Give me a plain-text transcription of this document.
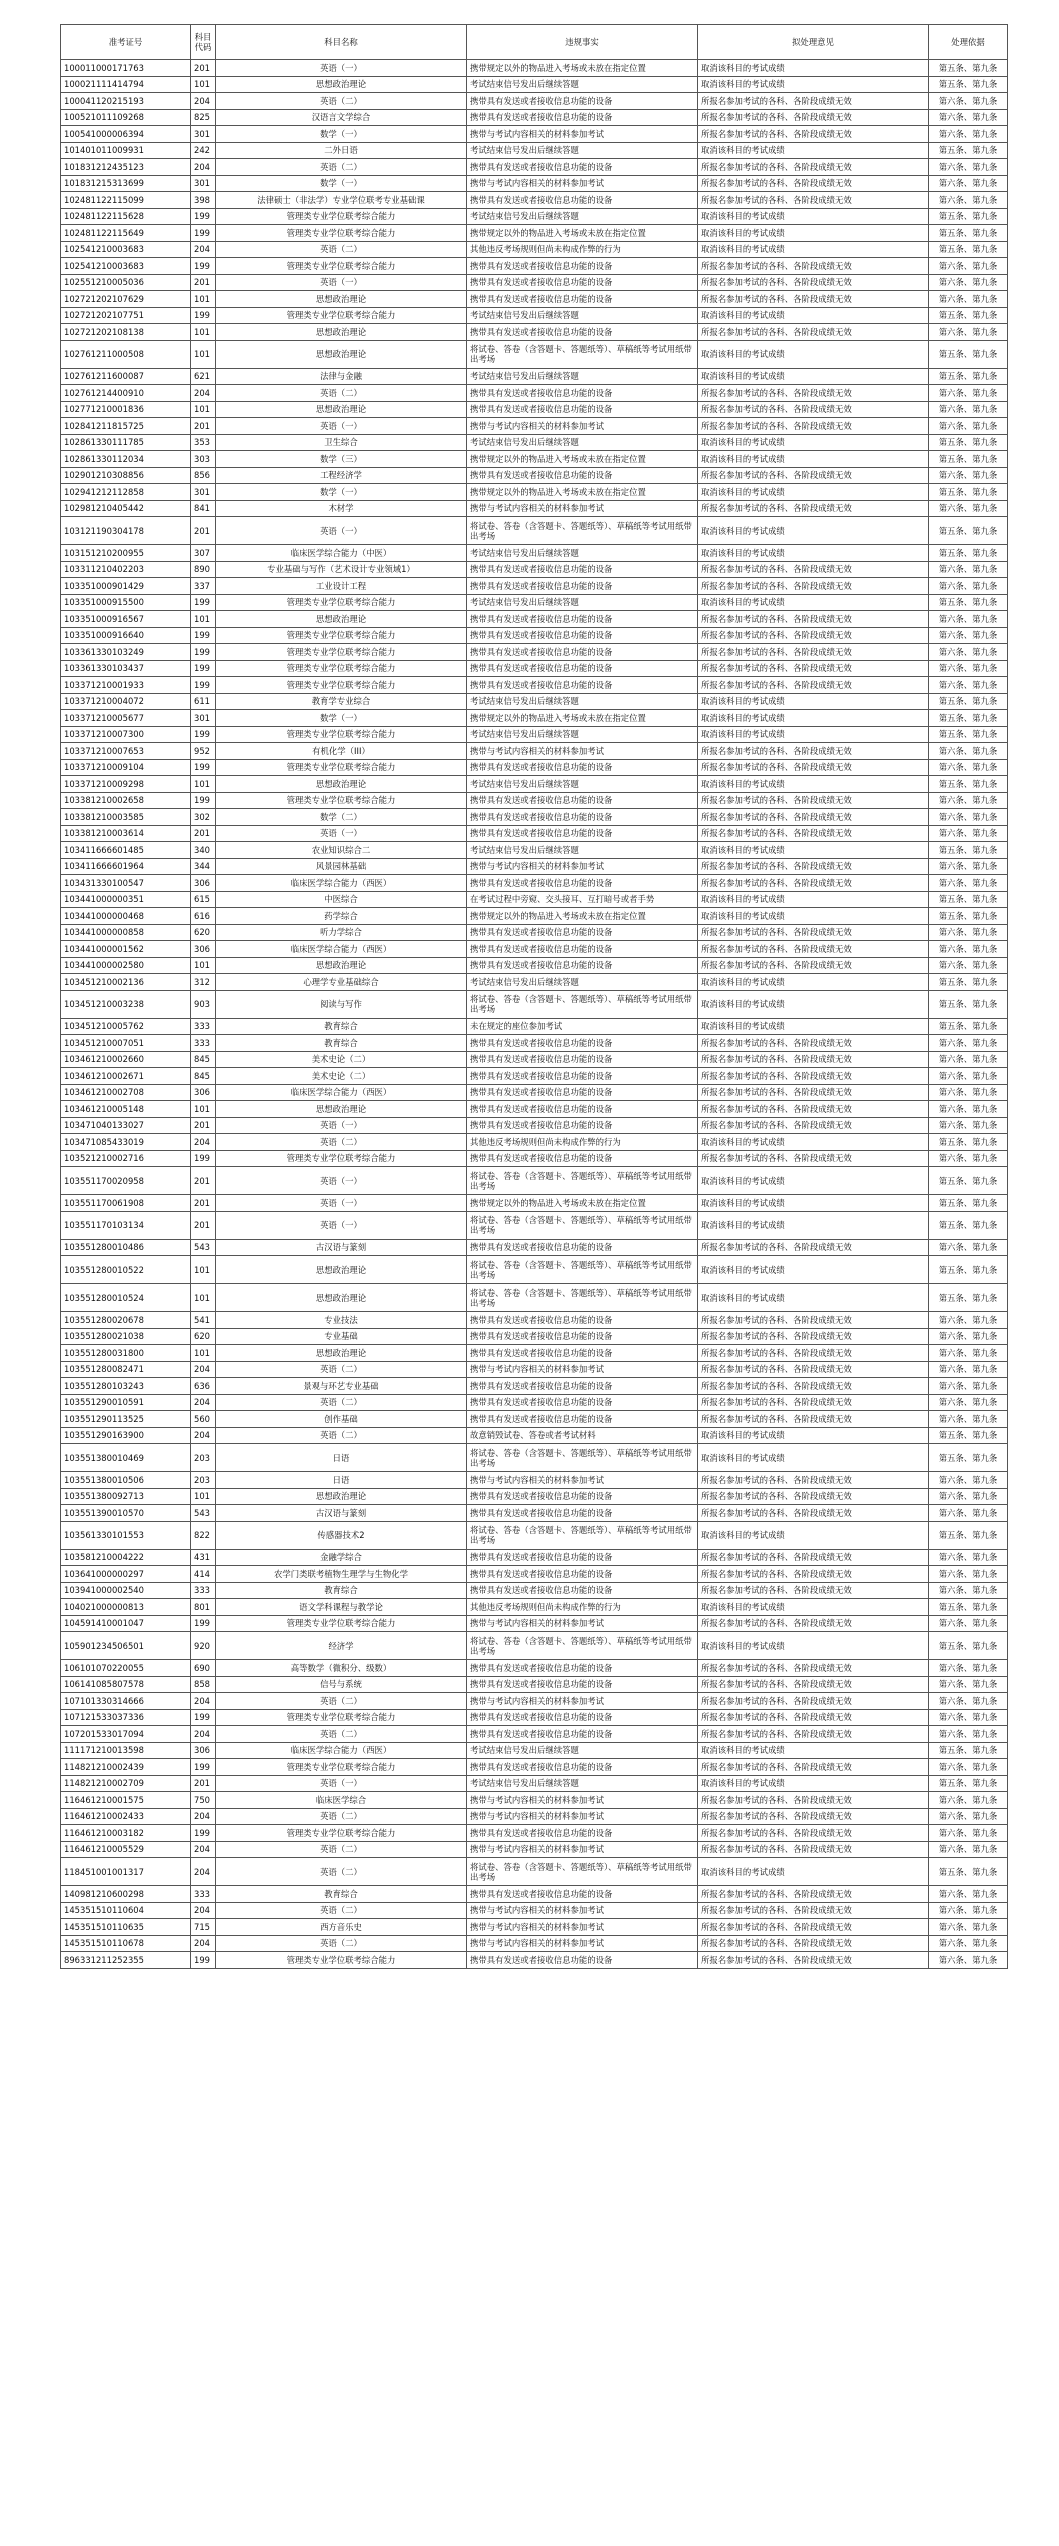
准考证号	科目代码	科目名称	违规事实	拟处理意见	处理依据
100011000171763	201	英语（一）	携带规定以外的物品进入考场或未放在指定位置	取消该科目的考试成绩	第五条、第九条
100021111414794	101	思想政治理论	考试结束信号发出后继续答题	取消该科目的考试成绩	第五条、第九条
100041120215193	204	英语（二）	携带具有发送或者接收信息功能的设备	所报名参加考试的各科、各阶段成绩无效	第六条、第九条
100521011109268	825	汉语言文学综合	携带具有发送或者接收信息功能的设备	所报名参加考试的各科、各阶段成绩无效	第六条、第九条
100541000006394	301	数学（一）	携带与考试内容相关的材料参加考试	所报名参加考试的各科、各阶段成绩无效	第六条、第九条
101401011009931	242	二外日语	考试结束信号发出后继续答题	取消该科目的考试成绩	第五条、第九条
101831212435123	204	英语（二）	携带具有发送或者接收信息功能的设备	所报名参加考试的各科、各阶段成绩无效	第六条、第九条
101831215313699	301	数学（一）	携带与考试内容相关的材料参加考试	所报名参加考试的各科、各阶段成绩无效	第六条、第九条
102481122115099	398	法律硕士（非法学）专业学位联考专业基础课	携带具有发送或者接收信息功能的设备	所报名参加考试的各科、各阶段成绩无效	第六条、第九条
102481122115628	199	管理类专业学位联考综合能力	考试结束信号发出后继续答题	取消该科目的考试成绩	第五条、第九条
102481122115649	199	管理类专业学位联考综合能力	携带规定以外的物品进入考场或未放在指定位置	取消该科目的考试成绩	第五条、第九条
102541210003683	204	英语（二）	其他违反考场规则但尚未构成作弊的行为	取消该科目的考试成绩	第五条、第九条
102541210003683	199	管理类专业学位联考综合能力	携带具有发送或者接收信息功能的设备	所报名参加考试的各科、各阶段成绩无效	第六条、第九条
102551210005036	201	英语（一）	携带具有发送或者接收信息功能的设备	所报名参加考试的各科、各阶段成绩无效	第六条、第九条
102721202107629	101	思想政治理论	携带具有发送或者接收信息功能的设备	所报名参加考试的各科、各阶段成绩无效	第六条、第九条
102721202107751	199	管理类专业学位联考综合能力	考试结束信号发出后继续答题	取消该科目的考试成绩	第五条、第九条
102721202108138	101	思想政治理论	携带具有发送或者接收信息功能的设备	所报名参加考试的各科、各阶段成绩无效	第六条、第九条
102761211000508	101	思想政治理论	将试卷、答卷（含答题卡、答题纸等）、草稿纸等考试用纸带出考场	取消该科目的考试成绩	第五条、第九条
102761211600087	621	法律与金融	考试结束信号发出后继续答题	取消该科目的考试成绩	第五条、第九条
102761214400910	204	英语（二）	携带具有发送或者接收信息功能的设备	所报名参加考试的各科、各阶段成绩无效	第六条、第九条
102771210001836	101	思想政治理论	携带具有发送或者接收信息功能的设备	所报名参加考试的各科、各阶段成绩无效	第六条、第九条
102841211815725	201	英语（一）	携带与考试内容相关的材料参加考试	所报名参加考试的各科、各阶段成绩无效	第六条、第九条
102861330111785	353	卫生综合	考试结束信号发出后继续答题	取消该科目的考试成绩	第五条、第九条
102861330112034	303	数学（三）	携带规定以外的物品进入考场或未放在指定位置	取消该科目的考试成绩	第五条、第九条
102901210308856	856	工程经济学	携带具有发送或者接收信息功能的设备	所报名参加考试的各科、各阶段成绩无效	第六条、第九条
102941212112858	301	数学（一）	携带规定以外的物品进入考场或未放在指定位置	取消该科目的考试成绩	第五条、第九条
102981210405442	841	木材学	携带与考试内容相关的材料参加考试	所报名参加考试的各科、各阶段成绩无效	第六条、第九条
103121190304178	201	英语（一）	将试卷、答卷（含答题卡、答题纸等）、草稿纸等考试用纸带出考场	取消该科目的考试成绩	第五条、第九条
103151210200955	307	临床医学综合能力（中医）	考试结束信号发出后继续答题	取消该科目的考试成绩	第五条、第九条
103311210402203	890	专业基础与写作（艺术设计专业领域1）	携带具有发送或者接收信息功能的设备	所报名参加考试的各科、各阶段成绩无效	第六条、第九条
103351000901429	337	工业设计工程	携带具有发送或者接收信息功能的设备	所报名参加考试的各科、各阶段成绩无效	第六条、第九条
103351000915500	199	管理类专业学位联考综合能力	考试结束信号发出后继续答题	取消该科目的考试成绩	第五条、第九条
103351000916567	101	思想政治理论	携带具有发送或者接收信息功能的设备	所报名参加考试的各科、各阶段成绩无效	第六条、第九条
103351000916640	199	管理类专业学位联考综合能力	携带具有发送或者接收信息功能的设备	所报名参加考试的各科、各阶段成绩无效	第六条、第九条
103361330103249	199	管理类专业学位联考综合能力	携带具有发送或者接收信息功能的设备	所报名参加考试的各科、各阶段成绩无效	第六条、第九条
103361330103437	199	管理类专业学位联考综合能力	携带具有发送或者接收信息功能的设备	所报名参加考试的各科、各阶段成绩无效	第六条、第九条
103371210001933	199	管理类专业学位联考综合能力	携带具有发送或者接收信息功能的设备	所报名参加考试的各科、各阶段成绩无效	第六条、第九条
103371210004072	611	教育学专业综合	考试结束信号发出后继续答题	取消该科目的考试成绩	第五条、第九条
103371210005677	301	数学（一）	携带规定以外的物品进入考场或未放在指定位置	取消该科目的考试成绩	第五条、第九条
103371210007300	199	管理类专业学位联考综合能力	考试结束信号发出后继续答题	取消该科目的考试成绩	第五条、第九条
103371210007653	952	有机化学（III）	携带与考试内容相关的材料参加考试	所报名参加考试的各科、各阶段成绩无效	第六条、第九条
103371210009104	199	管理类专业学位联考综合能力	携带具有发送或者接收信息功能的设备	所报名参加考试的各科、各阶段成绩无效	第六条、第九条
103371210009298	101	思想政治理论	考试结束信号发出后继续答题	取消该科目的考试成绩	第五条、第九条
103381210002658	199	管理类专业学位联考综合能力	携带具有发送或者接收信息功能的设备	所报名参加考试的各科、各阶段成绩无效	第六条、第九条
103381210003585	302	数学（二）	携带具有发送或者接收信息功能的设备	所报名参加考试的各科、各阶段成绩无效	第六条、第九条
103381210003614	201	英语（一）	携带具有发送或者接收信息功能的设备	所报名参加考试的各科、各阶段成绩无效	第六条、第九条
103411666601485	340	农业知识综合二	考试结束信号发出后继续答题	取消该科目的考试成绩	第五条、第九条
103411666601964	344	风景园林基础	携带与考试内容相关的材料参加考试	所报名参加考试的各科、各阶段成绩无效	第六条、第九条
103431330100547	306	临床医学综合能力（西医）	携带具有发送或者接收信息功能的设备	所报名参加考试的各科、各阶段成绩无效	第六条、第九条
103441000000351	615	中医综合	在考试过程中旁窥、交头接耳、互打暗号或者手势	取消该科目的考试成绩	第五条、第九条
103441000000468	616	药学综合	携带规定以外的物品进入考场或未放在指定位置	取消该科目的考试成绩	第五条、第九条
103441000000858	620	听力学综合	携带具有发送或者接收信息功能的设备	所报名参加考试的各科、各阶段成绩无效	第六条、第九条
103441000001562	306	临床医学综合能力（西医）	携带具有发送或者接收信息功能的设备	所报名参加考试的各科、各阶段成绩无效	第六条、第九条
103441000002580	101	思想政治理论	携带具有发送或者接收信息功能的设备	所报名参加考试的各科、各阶段成绩无效	第六条、第九条
103451210002136	312	心理学专业基础综合	考试结束信号发出后继续答题	取消该科目的考试成绩	第五条、第九条
103451210003238	903	阅读与写作	将试卷、答卷（含答题卡、答题纸等）、草稿纸等考试用纸带出考场	取消该科目的考试成绩	第五条、第九条
103451210005762	333	教育综合	未在规定的座位参加考试	取消该科目的考试成绩	第五条、第九条
103451210007051	333	教育综合	携带具有发送或者接收信息功能的设备	所报名参加考试的各科、各阶段成绩无效	第六条、第九条
103461210002660	845	美术史论（二）	携带具有发送或者接收信息功能的设备	所报名参加考试的各科、各阶段成绩无效	第六条、第九条
103461210002671	845	美术史论（二）	携带具有发送或者接收信息功能的设备	所报名参加考试的各科、各阶段成绩无效	第六条、第九条
103461210002708	306	临床医学综合能力（西医）	携带具有发送或者接收信息功能的设备	所报名参加考试的各科、各阶段成绩无效	第六条、第九条
103461210005148	101	思想政治理论	携带具有发送或者接收信息功能的设备	所报名参加考试的各科、各阶段成绩无效	第六条、第九条
103471040133027	201	英语（一）	携带具有发送或者接收信息功能的设备	所报名参加考试的各科、各阶段成绩无效	第六条、第九条
103471085433019	204	英语（二）	其他违反考场规则但尚未构成作弊的行为	取消该科目的考试成绩	第五条、第九条
103521210002716	199	管理类专业学位联考综合能力	携带具有发送或者接收信息功能的设备	所报名参加考试的各科、各阶段成绩无效	第六条、第九条
103551170020958	201	英语（一）	将试卷、答卷（含答题卡、答题纸等）、草稿纸等考试用纸带出考场	取消该科目的考试成绩	第五条、第九条
103551170061908	201	英语（一）	携带规定以外的物品进入考场或未放在指定位置	取消该科目的考试成绩	第五条、第九条
103551170103134	201	英语（一）	将试卷、答卷（含答题卡、答题纸等）、草稿纸等考试用纸带出考场	取消该科目的考试成绩	第五条、第九条
103551280010486	543	古汉语与篆刻	携带具有发送或者接收信息功能的设备	所报名参加考试的各科、各阶段成绩无效	第六条、第九条
103551280010522	101	思想政治理论	将试卷、答卷（含答题卡、答题纸等）、草稿纸等考试用纸带出考场	取消该科目的考试成绩	第五条、第九条
103551280010524	101	思想政治理论	将试卷、答卷（含答题卡、答题纸等）、草稿纸等考试用纸带出考场	取消该科目的考试成绩	第五条、第九条
103551280020678	541	专业技法	携带具有发送或者接收信息功能的设备	所报名参加考试的各科、各阶段成绩无效	第六条、第九条
103551280021038	620	专业基础	携带具有发送或者接收信息功能的设备	所报名参加考试的各科、各阶段成绩无效	第六条、第九条
103551280031800	101	思想政治理论	携带具有发送或者接收信息功能的设备	所报名参加考试的各科、各阶段成绩无效	第六条、第九条
103551280082471	204	英语（二）	携带与考试内容相关的材料参加考试	所报名参加考试的各科、各阶段成绩无效	第六条、第九条
103551280103243	636	景观与环艺专业基础	携带具有发送或者接收信息功能的设备	所报名参加考试的各科、各阶段成绩无效	第六条、第九条
103551290010591	204	英语（二）	携带具有发送或者接收信息功能的设备	所报名参加考试的各科、各阶段成绩无效	第六条、第九条
103551290113525	560	创作基础	携带具有发送或者接收信息功能的设备	所报名参加考试的各科、各阶段成绩无效	第六条、第九条
103551290163900	204	英语（二）	故意销毁试卷、答卷或者考试材料	取消该科目的考试成绩	第五条、第九条
103551380010469	203	日语	将试卷、答卷（含答题卡、答题纸等）、草稿纸等考试用纸带出考场	取消该科目的考试成绩	第五条、第九条
103551380010506	203	日语	携带与考试内容相关的材料参加考试	所报名参加考试的各科、各阶段成绩无效	第六条、第九条
103551380092713	101	思想政治理论	携带具有发送或者接收信息功能的设备	所报名参加考试的各科、各阶段成绩无效	第六条、第九条
103551390010570	543	古汉语与篆刻	携带具有发送或者接收信息功能的设备	所报名参加考试的各科、各阶段成绩无效	第六条、第九条
103561330101553	822	传感器技术2	将试卷、答卷（含答题卡、答题纸等）、草稿纸等考试用纸带出考场	取消该科目的考试成绩	第五条、第九条
103581210004222	431	金融学综合	携带具有发送或者接收信息功能的设备	所报名参加考试的各科、各阶段成绩无效	第六条、第九条
103641000000297	414	农学门类联考植物生理学与生物化学	携带具有发送或者接收信息功能的设备	所报名参加考试的各科、各阶段成绩无效	第六条、第九条
103941000002540	333	教育综合	携带具有发送或者接收信息功能的设备	所报名参加考试的各科、各阶段成绩无效	第六条、第九条
104021000000813	801	语文学科课程与教学论	其他违反考场规则但尚未构成作弊的行为	取消该科目的考试成绩	第五条、第九条
104591410001047	199	管理类专业学位联考综合能力	携带与考试内容相关的材料参加考试	所报名参加考试的各科、各阶段成绩无效	第六条、第九条
105901234506501	920	经济学	将试卷、答卷（含答题卡、答题纸等）、草稿纸等考试用纸带出考场	取消该科目的考试成绩	第五条、第九条
106101070220055	690	高等数学（微积分、级数）	携带具有发送或者接收信息功能的设备	所报名参加考试的各科、各阶段成绩无效	第六条、第九条
106141085807578	858	信号与系统	携带具有发送或者接收信息功能的设备	所报名参加考试的各科、各阶段成绩无效	第六条、第九条
107101330314666	204	英语（二）	携带与考试内容相关的材料参加考试	所报名参加考试的各科、各阶段成绩无效	第六条、第九条
107121533037336	199	管理类专业学位联考综合能力	携带具有发送或者接收信息功能的设备	所报名参加考试的各科、各阶段成绩无效	第六条、第九条
107201533017094	204	英语（二）	携带具有发送或者接收信息功能的设备	所报名参加考试的各科、各阶段成绩无效	第六条、第九条
111171210013598	306	临床医学综合能力（西医）	考试结束信号发出后继续答题	取消该科目的考试成绩	第五条、第九条
114821210002439	199	管理类专业学位联考综合能力	携带具有发送或者接收信息功能的设备	所报名参加考试的各科、各阶段成绩无效	第六条、第九条
114821210002709	201	英语（一）	考试结束信号发出后继续答题	取消该科目的考试成绩	第五条、第九条
116461210001575	750	临床医学综合	携带与考试内容相关的材料参加考试	所报名参加考试的各科、各阶段成绩无效	第六条、第九条
116461210002433	204	英语（二）	携带与考试内容相关的材料参加考试	所报名参加考试的各科、各阶段成绩无效	第六条、第九条
116461210003182	199	管理类专业学位联考综合能力	携带具有发送或者接收信息功能的设备	所报名参加考试的各科、各阶段成绩无效	第六条、第九条
116461210005529	204	英语（二）	携带与考试内容相关的材料参加考试	所报名参加考试的各科、各阶段成绩无效	第六条、第九条
118451001001317	204	英语（二）	将试卷、答卷（含答题卡、答题纸等）、草稿纸等考试用纸带出考场	取消该科目的考试成绩	第五条、第九条
140981210600298	333	教育综合	携带具有发送或者接收信息功能的设备	所报名参加考试的各科、各阶段成绩无效	第六条、第九条
145351510110604	204	英语（二）	携带与考试内容相关的材料参加考试	所报名参加考试的各科、各阶段成绩无效	第六条、第九条
145351510110635	715	西方音乐史	携带与考试内容相关的材料参加考试	所报名参加考试的各科、各阶段成绩无效	第六条、第九条
145351510110678	204	英语（二）	携带与考试内容相关的材料参加考试	所报名参加考试的各科、各阶段成绩无效	第六条、第九条
896331211252355	199	管理类专业学位联考综合能力	携带具有发送或者接收信息功能的设备	所报名参加考试的各科、各阶段成绩无效	第六条、第九条
